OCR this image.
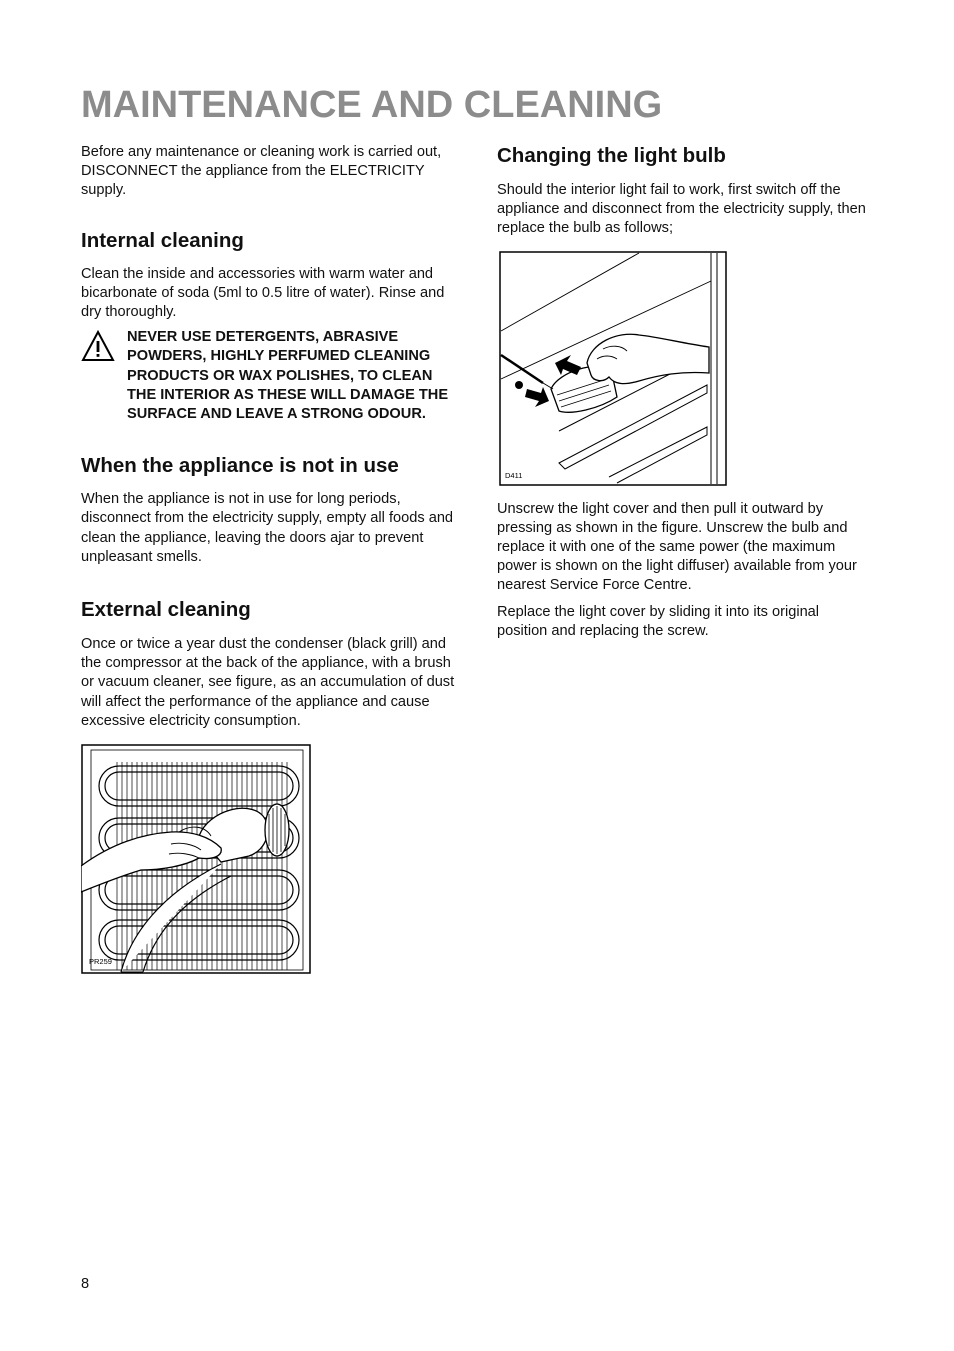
MAINTENANCE AND CLEANING

Before any maintenance or cleaning work is carried out, DISCONNECT the appliance from the ELECTRICITY supply.

Internal cleaning

Clean the inside and accessories with warm water and bicarbonate of soda (5ml to 0.5 litre of water). Rinse and dry thoroughly.

NEVER USE DETERGENTS, ABRASIVE POWDERS, HIGHLY PERFUMED CLEANING PRODUCTS OR WAX POLISHES, TO CLEAN THE INTERIOR AS THESE WILL DAMAGE THE SURFACE AND LEAVE A STRONG ODOUR.
When the appliance is not in use

When the appliance is not in use for long periods, disconnect from the electricity supply, empty all foods and clean the appliance, leaving the doors ajar to prevent unpleasant smells.

External cleaning

Once or twice a year dust the condenser (black grill) and the compressor at the back of the appliance, with a brush or vacuum cleaner, see figure, as an accumulation of dust will affect the performance of the appliance and cause excessive electricity consumption.

PR259
Changing the light bulb

Should the interior light fail to work, first switch off the appliance and disconnect from the electricity supply, then replace the bulb as follows;

D411

Unscrew the light cover and then pull it outward by pressing as shown in the figure. Unscrew the bulb and replace it with one of the same power (the maximum power is shown on the light diffuser) available from your nearest Service Force Centre.

Replace the light cover by sliding it into its original position and replacing the screw.

8
